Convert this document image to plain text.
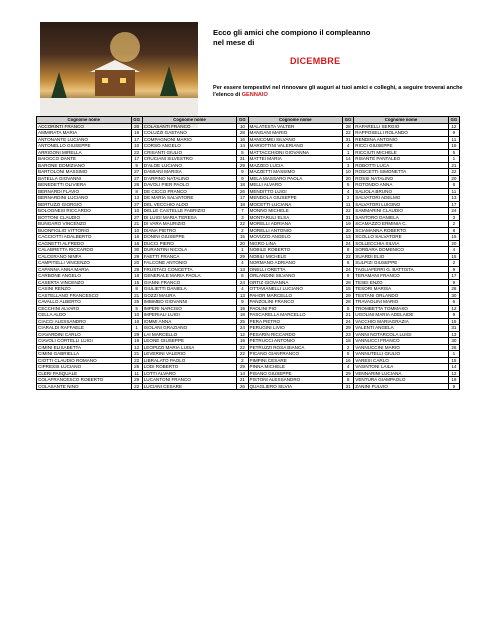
Ecco gli amici che compiono il compleanno
nel mese di
DICEMBRE
Per essere tempestivi nel rinnovare gli auguri ai tuoi amici e colleghi, a seguire troverai anche l'elenco di GENNAIO
Cognome nome	GG	Cognome nome	GG	Cognome nome	GG	Cognome nome	GG
ACCORINTI FRANCO	20	COLASANTI FRANCO	10	MALATESTA VALTER	28	RAPARELLI SERGIO	12
AMMIRATA MARIA	19	COLUZZI GAETANO	28	MANGANI MARIO	22	RAPPOSELLI ROLANDO	9
ANTONANTE LUCIANO	17	COMPAGNONI MARIO	16	MANCOMEI SILVANO	31	RENDINA ANTONIO	11
ANTONELLO GIUSEPPE	10	CORSO ANGELO	14	MARIOTTINI VALERIANO	4	RICCI GIUSEPPE	15
ARRIGONI MIRELLA	22	CRISANTI GIULIO	5	MATTACCHIONI GIOVANNA	1	RICCIUTI MICHELE	5
BAIOCCO DANTE	17	CRUCIANI SILVESTRO	31	MATTEI MARIA	14	RISANTE PANTALEO	1
BARONE DOMIZIANO	9	D'ALOE LUCIANO	29	MAZZEO LUCIA	3	ROBOTTI LUCA	21
BARTOLONI MASSIMO	27	DAMIANI MARISA	9	MAZZETTI MASSIMO	10	ROSCETTI SIMONETTA	22
BATELLA GIOVANNI	27	D'ARPINO NATALINO	9	MELA MASSARO PAOLA	20	ROSSI NATALINO	20
BENEDETTI OLIVIERA	26	DAVOLI PIER PAOLO	18	MELLI ALVARO	5	ROTONDO ANNA	6
BERNARDI FLAVIO	8	DE CICCO FRANCO	26	MENDITTO LUIGI	4	SALIOLA BRUNO	11
BERNARDINI LUCIANO	13	DE MARIA SALVATORE	17	MENDOLA GIUSEPPE	2	SALVATORI ADELMO	13
BERTUZZI GIORGIO	27	DEL VECCHIO ALDO	18	MOCETTI LUCIANA	11	SALVATORI LUIGINO	17
BOLOGNESI RICCARDO	10	DELLE CASTELLE FABRIZIO	7	MONNO MICHELE	22	SAMMARINI CLAUDIO	24
BOTTONI CLAUDIO	27	DI LUIGI MARIA TERESA	3	MONTARULI ELSA	31	SANTORO DANIELA	3
BUNGARO VINCENZO	21	DI VARA MAURIZIO	22	MORELLI ADRIANA	19	SCAMAZZO ERMINIA C.	2
BUONFIGLIO VITTORIO	10	DIANA PIETRO	2	MORELLI ANTONIO	30	SCIAMANNA ROBERTO	8
CACCIOTTI ADALBERTO	16	DONINI GIUSEPPE	15	MOVIZZO ANGELO	13	SCOLLO SALVATORE	15
CAGNETTI ALFREDO	16	DUCCI PIERO	20	NIGRO LINA	24	SOLLECCHIA SILVIA	20
CALABRETTA RICCARDO	30	DURANTINI NICOLA	1	NOBILE ROBERTO	8	SORBARA DOMENICO	4
CALCERANO NINFA	29	FAETTI FRANCA	29	NOBILI MICHELE	22	SUARDI ELIO	15
CAMPITELLI VINCENZO	20	FALCONE ANTONIO	4	NORMANO ADRIANO	6	SULPIZI GIUSEPPE	2
CAPANNA ANNA MARIA	28	FRUSTACI CONCETTA	13	ONELLI ORETTA	24	TAGLIAFERRI G. BATTISTA	9
CARBONE ANGELO	18	GENERALE MARIA PAOLA	6	ORLANDINI SILVANO	9	TERAMANI FRANCO	17
CASERTA VINCENZO	15	GIANNI FRANCO	24	ORTIZ GIOVANNA	28	TESEI ENZO	9
CASINI RENZO	8	GIULIETTI DANIELA	4	OTTAVIANELLI LUCIANO	15	TESORI MARISA	28
CASTELLANO FRANCESCO	21	GOZZI MAURA	13	PAHOR MARCELLO	29	TESTANI ORLANDO	30
CAVALLO ALBERTO	25	IMBIMBO GIOVANNI	9	PANZOLINI FRANCO	28	TRAVAGLINI MARIO	6
CECCHINI ALVARO	5	IMPERI NARCISO	19	PAOLINI PIO	5	TROMBETTA TOMMASO	12
CELLA ALDO	10	IMPERIALI LUIGI	18	PASCARELLA MARCELLO	21	UGOLINI MARIA ADELAIDE	9
CIACCI ALESSANDRO	16	IOMMI ANNA	25	PERA PIETRO	24	VACCHIO MARIAGRAZIA	15
CIARALDI RAFFAELE	1	ISOLANI GRAZIANO	24	PERUGINI LIVIO	29	VALENTI ANGELA	31
CIAVARDINI CARLO	29	LAI MARCELLO	12	PESARIN RICCARDO	23	VANNI NOTARCOLA LUIGI	13
CIAVOLI CORTELLI LUIGI	19	LEONE GIUSEPPE	19	PETRUCCI ANTONIO	18	VANNUCCI FRANCO	30
CIMINI ELISABETTA	12	LEOPIZZI MARIA LUISA	22	PETRUZZI ROSA BIANCA	2	VANNUCCINI MARIO	26
CIMINI GABRIELLA	21	LEVERINI VALERIO	22	PICANO GIANFRANCO	5	VANNUTELLI GIULIO	1
CIOTTI CLAUDIO ROMANO	22	LIBRALATO PAOLO	2	PIMPINI CESARE	16	VARESI CARLO	15
CIPRESSI LUCIANO	25	LODI ROBERTO	29	PINNA MICHELE	4	VASINTONI LAILA	14
CLERI PASQUALE	11	LOTTI ALVARO	14	PISANO GIUSEPPE	29	VENNARINI LUCIANA	12
COLAFRANCESCO ROBERTO	29	LUCANTONI FRANCO	21	PISTONI ALESSANDRO	8	VENTURA GIAMPAOLO	19
COLASANTE NINO	22	LUCIANI CESARE	26	QUAGLIERO SILVIA	31	ZANINI FULVIO	9
